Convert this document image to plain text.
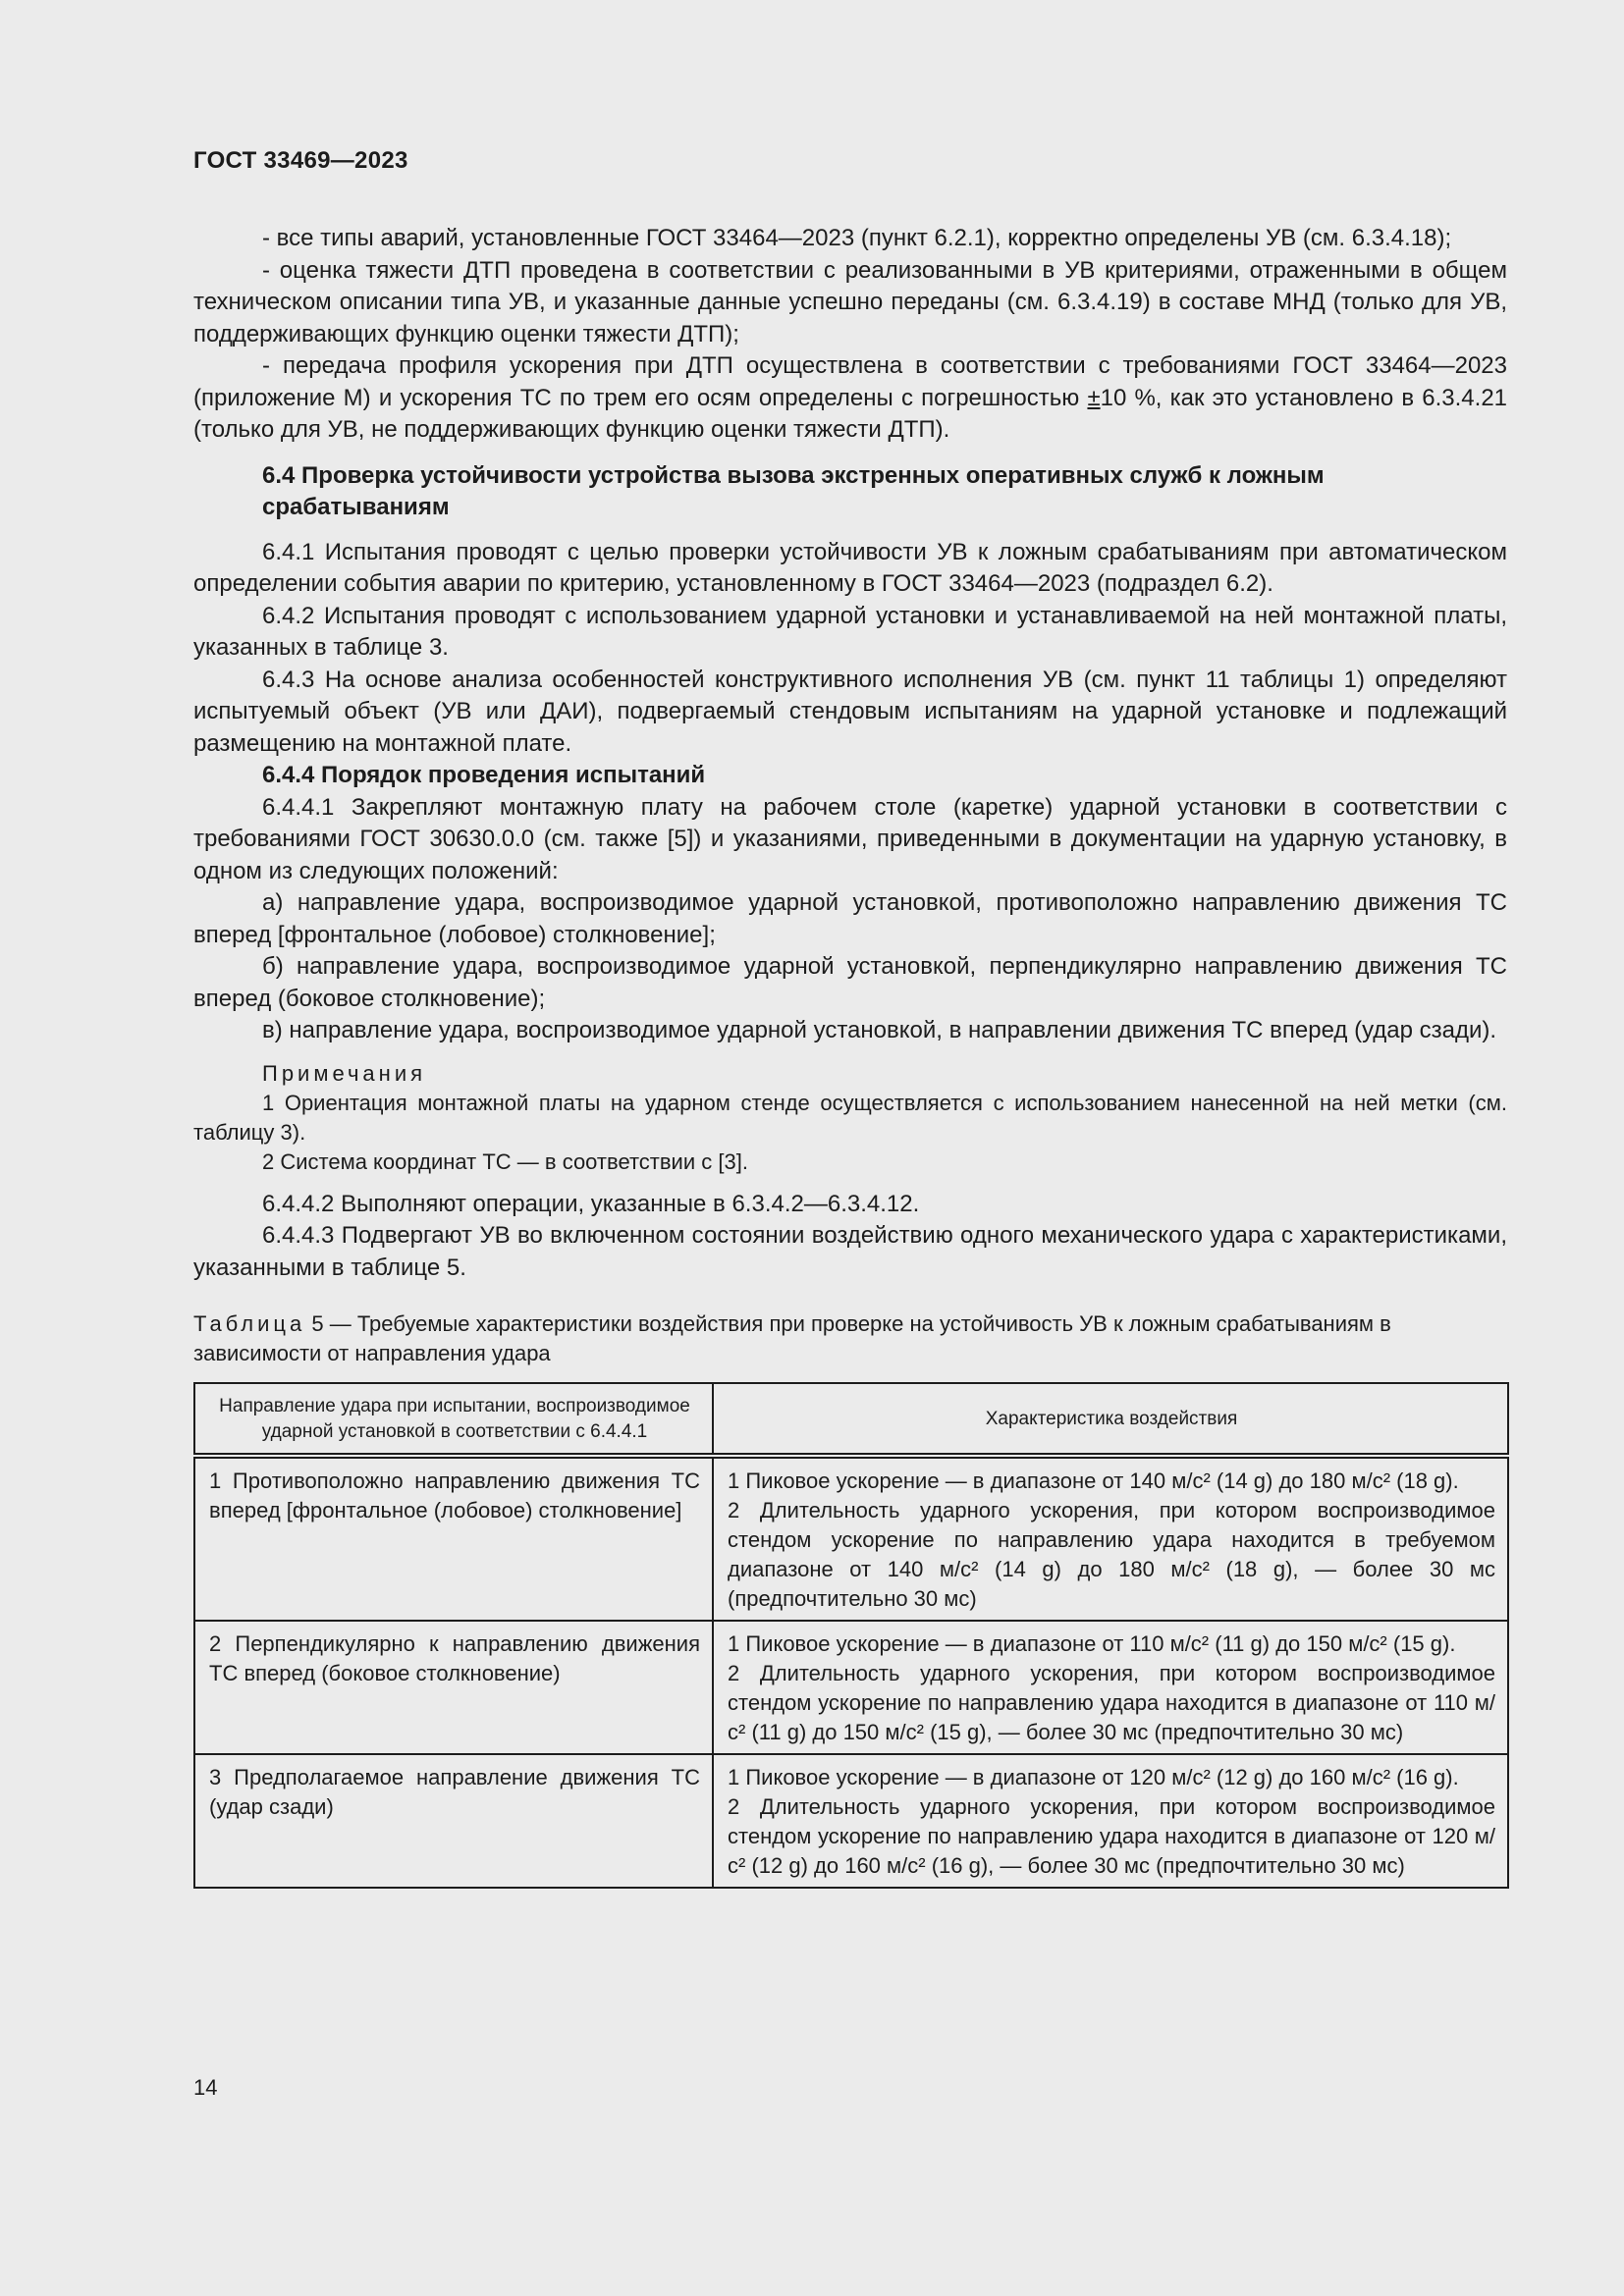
ГОСТ 33469—2023

- все типы аварий, установленные ГОСТ 33464—2023 (пункт 6.2.1), корректно определены УВ (см. 6.3.4.18);

- оценка тяжести ДТП проведена в соответствии с реализованными в УВ критериями, отраженными в общем техническом описании типа УВ, и указанные данные успешно переданы (см. 6.3.4.19) в составе МНД (только для УВ, поддерживающих функцию оценки тяжести ДТП);

- передача профиля ускорения при ДТП осуществлена в соответствии с требованиями ГОСТ 33464—2023 (приложение М) и ускорения ТС по трем его осям определены с погрешностью ±10 %, как это установлено в 6.3.4.21 (только для УВ, не поддерживающих функцию оценки тяжести ДТП).

6.4 Проверка устойчивости устройства вызова экстренных оперативных служб к ложным срабатываниям

6.4.1 Испытания проводят с целью проверки устойчивости УВ к ложным срабатываниям при автоматическом определении события аварии по критерию, установленному в ГОСТ 33464—2023 (подраздел 6.2).

6.4.2 Испытания проводят с использованием ударной установки и устанавливаемой на ней монтажной платы, указанных в таблице 3.

6.4.3 На основе анализа особенностей конструктивного исполнения УВ (см. пункт 11 таблицы 1) определяют испытуемый объект (УВ или ДАИ), подвергаемый стендовым испытаниям на ударной установке и подлежащий размещению на монтажной плате.

6.4.4 Порядок проведения испытаний

6.4.4.1 Закрепляют монтажную плату на рабочем столе (каретке) ударной установки в соответствии с требованиями ГОСТ 30630.0.0 (см. также [5]) и указаниями, приведенными в документации на ударную установку, в одном из следующих положений:

а) направление удара, воспроизводимое ударной установкой, противоположно направлению движения ТС вперед [фронтальное (лобовое) столкновение];

б) направление удара, воспроизводимое ударной установкой, перпендикулярно направлению движения ТС вперед (боковое столкновение);

в) направление удара, воспроизводимое ударной установкой, в направлении движения ТС вперед (удар сзади).

Примечания

1 Ориентация монтажной платы на ударном стенде осуществляется с использованием нанесенной на ней метки (см. таблицу 3).

2 Система координат ТС — в соответствии с [3].

6.4.4.2 Выполняют операции, указанные в 6.3.4.2—6.3.4.12.

6.4.4.3 Подвергают УВ во включенном состоянии воздействию одного механического удара с характеристиками, указанными в таблице 5.

Таблица 5 — Требуемые характеристики воздействия при проверке на устойчивость УВ к ложным срабатываниям в зависимости от направления удара
Направление удара при испытании, воспроизводимое ударной установкой в соответствии с 6.4.4.1	Характеристика воздействия
1 Противоположно направлению движения ТС вперед [фронтальное (лобовое) столкновение]	1 Пиковое ускорение — в диапазоне от 140 м/с² (14 g) до 180 м/с² (18 g).
2 Длительность ударного ускорения, при котором воспроизводимое стендом ускорение по направлению удара находится в требуемом диапазоне от 140 м/с² (14 g) до 180 м/с² (18 g), — более 30 мс (предпочтительно 30 мс)

2 Перпендикулярно к направлению движения ТС вперед (боковое столкновение)	1 Пиковое ускорение — в диапазоне от 110 м/с² (11 g) до 150 м/с² (15 g).
2 Длительность ударного ускорения, при котором воспроизводимое стендом ускорение по направлению удара находится в диапазоне от 110 м/с² (11 g) до 150 м/с² (15 g), — более 30 мс (предпочтительно 30 мс)

3 Предполагаемое направление движения ТС (удар сзади)	1 Пиковое ускорение — в диапазоне от 120 м/с² (12 g) до 160 м/с² (16 g).
2 Длительность ударного ускорения, при котором воспроизводимое стендом ускорение по направлению удара находится в диапазоне от 120 м/с² (12 g) до 160 м/с² (16 g), — более 30 мс (предпочтительно 30 мс)
14
